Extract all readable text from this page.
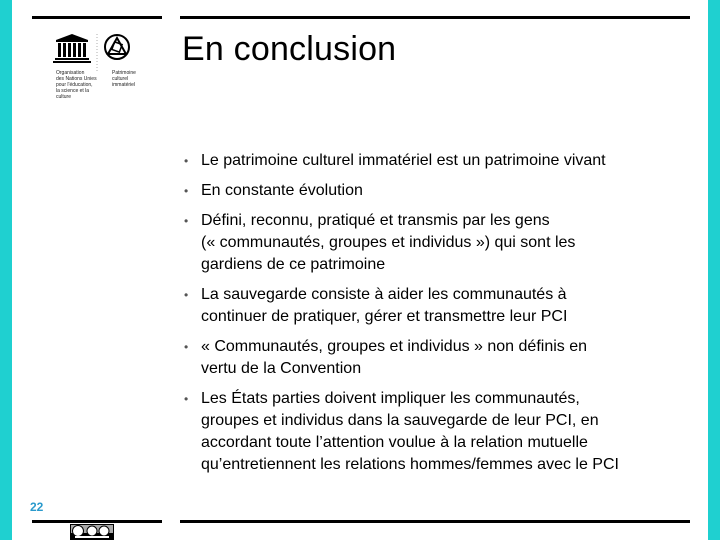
Organisation
des Nations Unies
pour l'éducation,
la science et la culture
Patrimoine
culturel
immatériel
En conclusion
• Le patrimoine culturel immatériel est un patrimoine vivant
• En constante évolution
• Défini, reconnu, pratiqué et transmis par les gens
(« communautés, groupes et individus ») qui sont les
gardiens de ce patrimoine
• La sauvegarde consiste à aider les communautés à
continuer de pratiquer, gérer et transmettre leur PCI
• « Communautés, groupes et individus » non définis en
vertu de la Convention
• Les États parties doivent impliquer les communautés,
groupes et individus dans la sauvegarde de leur PCI, en
accordant toute l’attention voulue à la relation mutuelle
qu’entretiennent les relations hommes/femmes avec le PCI
22
